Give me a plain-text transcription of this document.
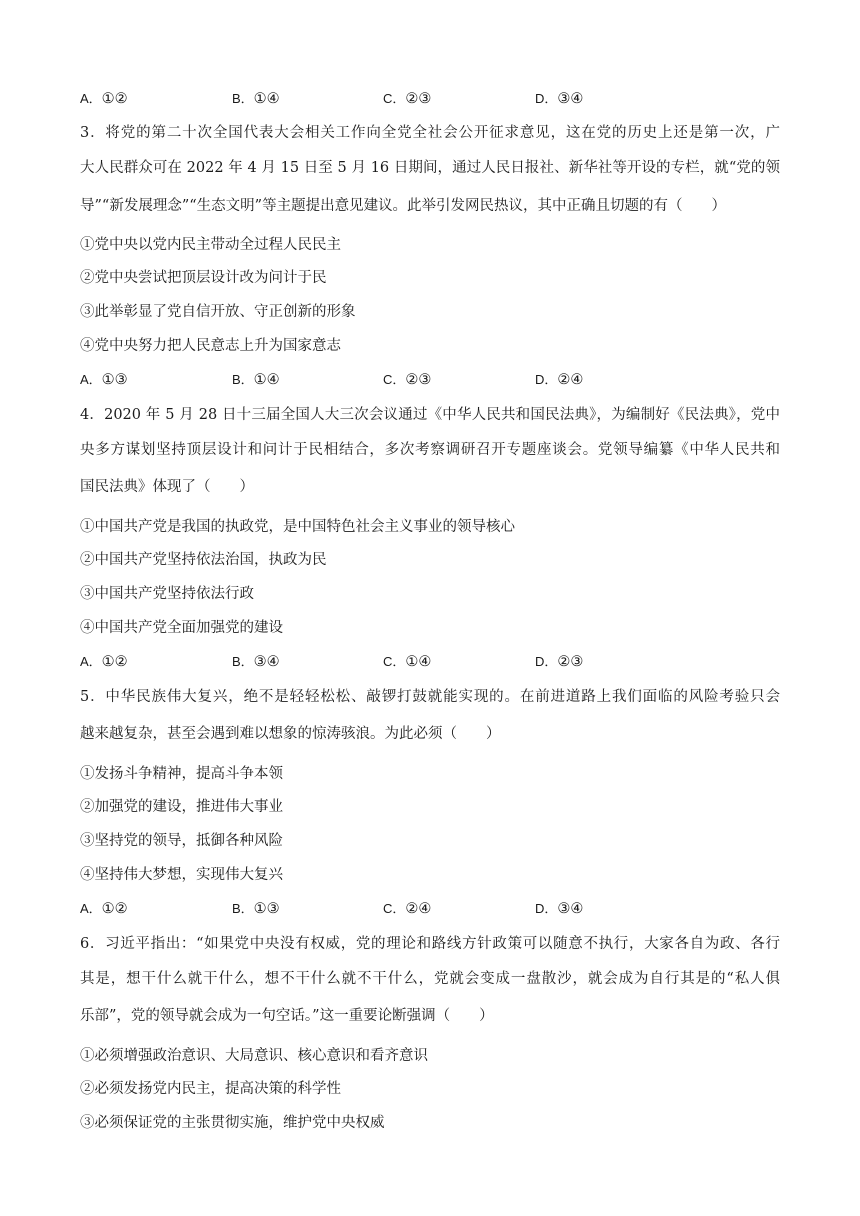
A．①②	B．①④	C．②③	D．③④
3．将党的第二十次全国代表大会相关工作向全党全社会公开征求意见，这在党的历史上还是第一次，广
大人民群众可在 2022 年 4 月 15 日至 5 月 16 日期间，通过人民日报社、新华社等开设的专栏，就“党的领
导”“新发展理念”“生态文明”等主题提出意见建议。此举引发网民热议，其中正确且切题的有（　　）
①党中央以党内民主带动全过程人民民主
②党中央尝试把顶层设计改为问计于民
③此举彰显了党自信开放、守正创新的形象
④党中央努力把人民意志上升为国家意志
A．①③	B．①④	C．②③	D．②④
4．2020 年 5 月 28 日十三届全国人大三次会议通过《中华人民共和国民法典》，为编制好《民法典》，党中
央多方谋划坚持顶层设计和问计于民相结合，多次考察调研召开专题座谈会。党领导编纂《中华人民共和
国民法典》体现了（　　）
①中国共产党是我国的执政党，是中国特色社会主义事业的领导核心
②中国共产党坚持依法治国，执政为民
③中国共产党坚持依法行政
④中国共产党全面加强党的建设
A．①②	B．③④	C．①④	D．②③
5．中华民族伟大复兴，绝不是轻轻松松、敲锣打鼓就能实现的。在前进道路上我们面临的风险考验只会
越来越复杂，甚至会遇到难以想象的惊涛骇浪。为此必须（　　）
①发扬斗争精神，提高斗争本领
②加强党的建设，推进伟大事业
③坚持党的领导，抵御各种风险
④坚持伟大梦想，实现伟大复兴
A．①②	B．①③	C．②④	D．③④
6．习近平指出：“如果党中央没有权威，党的理论和路线方针政策可以随意不执行，大家各自为政、各行
其是，想干什么就干什么，想不干什么就不干什么，党就会变成一盘散沙，就会成为自行其是的“私人俱
乐部”，党的领导就会成为一句空话。”这一重要论断强调（　　）
①必须增强政治意识、大局意识、核心意识和看齐意识
②必须发扬党内民主，提高决策的科学性
③必须保证党的主张贯彻实施，维护党中央权威
